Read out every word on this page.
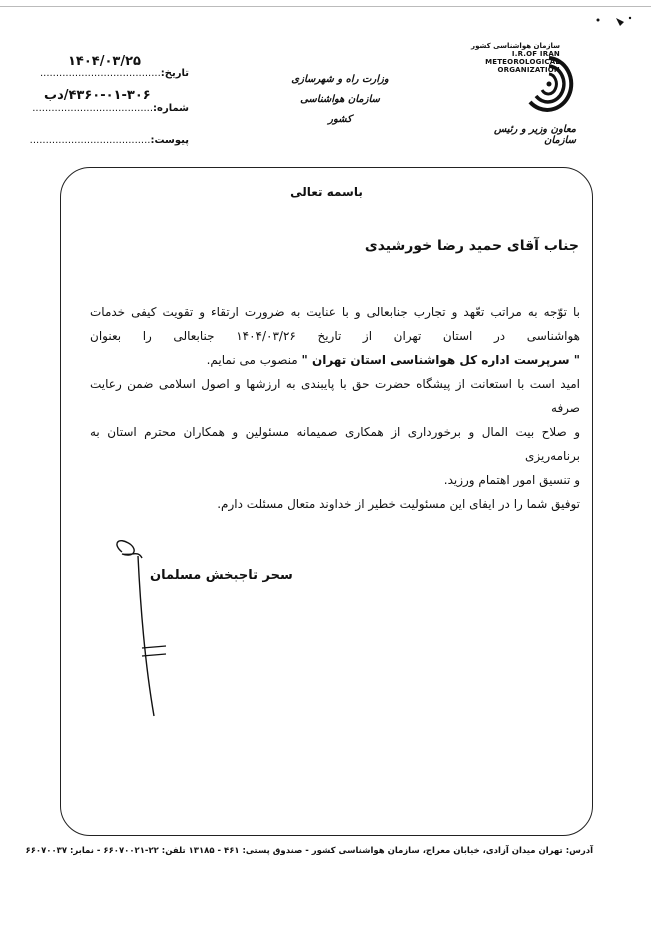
سازمان هواشناسی کشور
I.R.OF IRAN
METEOROLOGICAL
ORGANIZATION
معاون وزیر و رئیس سازمان
وزارت راه و شهرسازی
سازمان هواشناسی کشور
تاریخ:......................................
۱۴۰۴/۰۳/۲۵
شماره:......................................
۴۳۶۰-۰۱-۳۰۶/دب
پیوست:......................................
باسمه تعالی
جناب آقای حمید رضا خورشیدی

با توّجه به مراتب تعّهد و تجارب جنابعالی و با عنایت به ضرورت ارتقاء و تقویت کیفی خدمات

هواشناسی در استان تهران از تاریخ ۱۴۰۴/۰۳/۲۶ جنابعالی را بعنوان

" سرپرست اداره کل هواشناسی استان تهران " منصوب می نمایم.

امید است با استعانت از پیشگاه حضرت حق با پایبندی به ارزشها و اصول اسلامی ضمن رعایت صرفه

و صلاح بیت المال و برخورداری از همکاری صمیمانه مسئولین و همکاران محترم استان به برنامه‌ریزی

و تنسیق امور اهتمام ورزید.

توفیق شما را در ایفای این مسئولیت خطیر از خداوند متعال مسئلت دارم.

سحر تاجبخش مسلمان
آدرس: تهران میدان آزادی، خیابان معراج، سازمان هواشناسی کشور - صندوق پستی: ۴۶۱ - ۱۳۱۸۵ تلفن: ۲۲-۶۶۰۷۰۰۲۱ - نمابر: ۶۶۰۷۰۰۳۷
